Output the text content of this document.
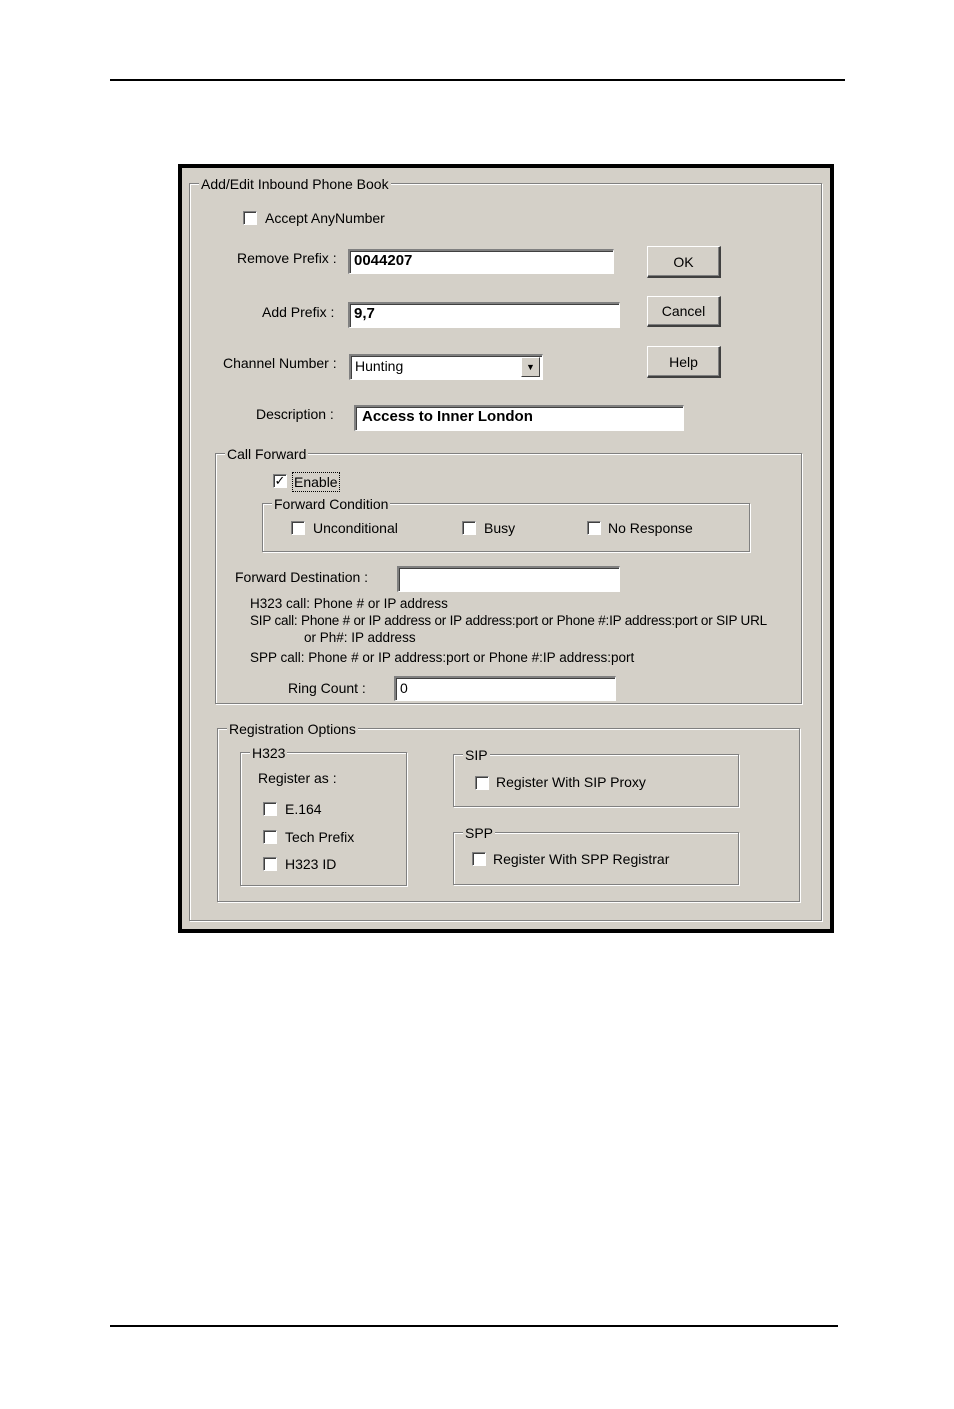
Add/Edit Inbound Phone Book
Accept AnyNumber
Remove Prefix :	0044207
Add Prefix :	9,7
Channel Number :	Hunting	▼
Description :	Access to Inner London
OK
Cancel
Help
Call Forward
✓ Enable
Forward Condition
Unconditional	Busy	No Response
Forward Destination :
H323 call: Phone # or IP address
SIP call: Phone # or IP address or IP address:port or Phone #:IP address:port or SIP URL
or Ph#: IP address
SPP call: Phone # or IP address:port or Phone #:IP address:port
Ring Count :	0
Registration Options
H323
Register as :
E.164
Tech Prefix
H323 ID
SIP
Register With SIP Proxy
SPP
Register With SPP Registrar
